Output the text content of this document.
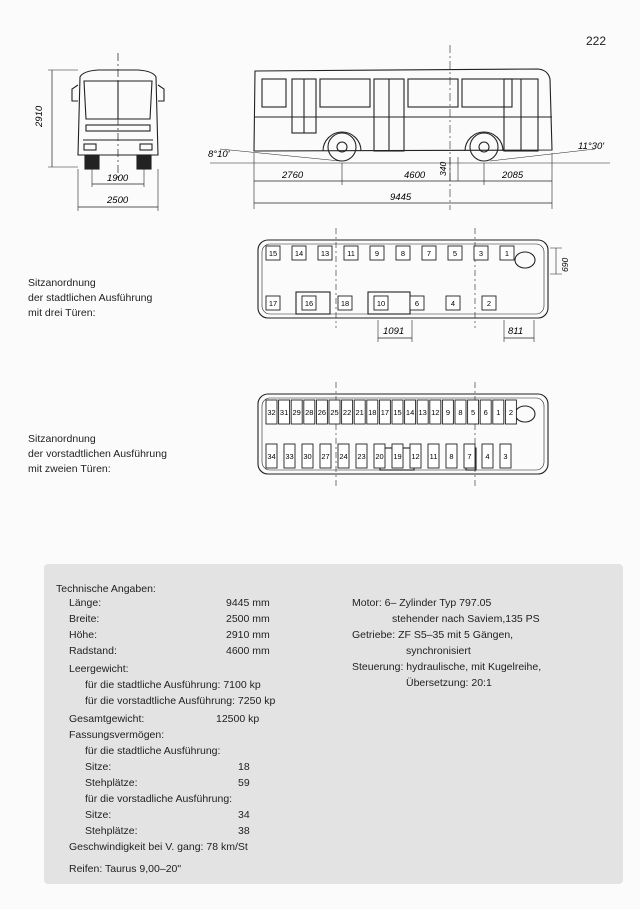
222
2910
1900
2500
8°10'
11°30'
2760	4600 340	2085
9445
Sitzanordnung
der stadtlichen Ausführung
mit drei Türen:
15 14 13 11	9	8	7	5	3	1
17	16	18	10	6	4	2
690
1091	811
Sitzanordnung
der vorstadtlichen Ausführung
mit zweien Türen:
32 31 29 28 26 25 22 21 18 17 15 14 13 12 9 8 5 6 1 2
34 33 30 27 24 23 20 19 12 11 8 7 4 3
Technische Angaben:
Länge:	9445 mm
Breite:	2500 mm
Höhe:	2910 mm
Radstand:	4600 mm
Leergewicht:
für die stadtliche Ausführung: 7100 kp
für die vorstadtliche Ausführung: 7250 kp
Gesamtgewicht:	12500 kp
Fassungsvermögen:
für die stadtliche Ausführung:
Sitze:	18
Stehplätze:	59
für die vorstadliche Ausführung:
Sitze:	34
Stehplätze:	38
Geschwindigkeit bei V. gang: 78 km/St
Reifen: Taurus 9,00–20"
Motor: 6– Zylinder Typ 797.05
stehender nach Saviem,135 PS
Getriebe: ZF S5–35 mit 5 Gängen,
synchronisiert
Steuerung: hydraulische, mit Kugelreihe,
Übersetzung: 20:1
